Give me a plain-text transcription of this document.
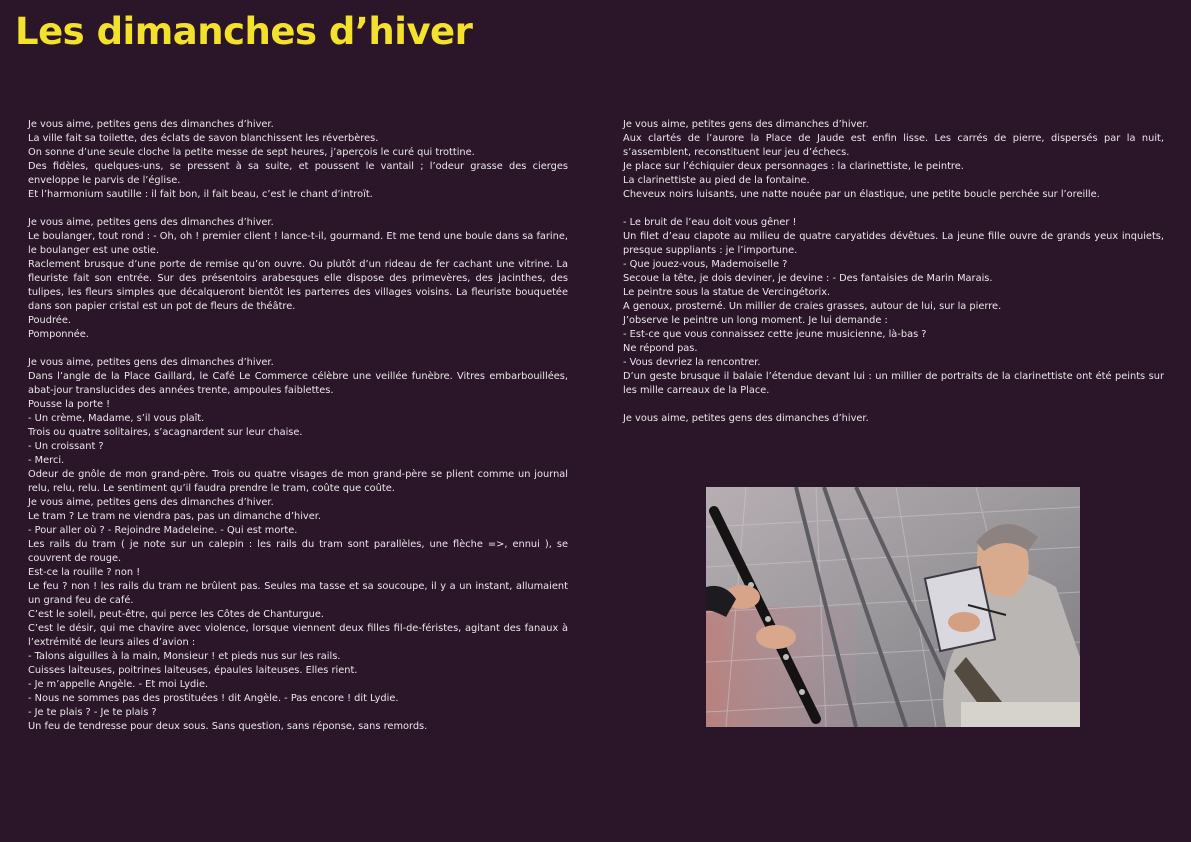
Les dimanches d’hiver

Je vous aime, petites gens des dimanches d’hiver.

La ville fait sa toilette, des éclats de savon blanchissent les réverbères.

On sonne d’une seule cloche la petite messe de sept heures, j’aperçois le curé qui trottine.

Des fidèles, quelques-uns, se pressent à sa suite, et poussent le vantail ; l’odeur grasse des cierges enveloppe le parvis de l’église.

Et l’harmonium sautille : il fait bon, il fait beau, c’est le chant d’introït.

Je vous aime, petites gens des dimanches d’hiver.

Le boulanger, tout rond : - Oh, oh ! premier client ! lance-t-il, gourmand. Et me tend une boule dans sa farine, le boulanger est une ostie.

Raclement brusque d’une porte de remise qu’on ouvre. Ou plutôt d’un rideau de fer cachant une vitrine. La fleuriste fait son entrée. Sur des présentoirs arabesques elle dispose des primevères, des jacinthes, des tulipes, les fleurs simples que décalqueront bientôt les parterres des villages voisins. La fleuriste bouquetée dans son papier cristal est un pot de fleurs de théâtre.

Poudrée.

Pomponnée.

Je vous aime, petites gens des dimanches d’hiver.

Dans l’angle de la Place Gaillard, le Café Le Commerce célèbre une veillée funèbre. Vitres embarbouillées, abat-jour translucides des années trente, ampoules faiblettes.

Pousse la porte !

- Un crème, Madame, s’il vous plaît.

Trois ou quatre solitaires, s’acagnardent sur leur chaise.

- Un croissant ?

- Merci.

Odeur de gnôle de mon grand-père. Trois ou quatre visages de mon grand-père se plient comme un journal relu, relu, relu. Le sentiment qu’il faudra prendre le tram, coûte que coûte.

Je vous aime, petites gens des dimanches d’hiver.

Le tram ? Le tram ne viendra pas, pas un dimanche d’hiver.

- Pour aller où ? - Rejoindre Madeleine. - Qui est morte.

Les rails du tram ( je note sur un calepin : les rails du tram sont parallèles, une flèche =>, ennui ), se couvrent de rouge.

Est-ce la rouille ? non !

Le feu ? non ! les rails du tram ne brûlent pas. Seules ma tasse et sa soucoupe, il y a un instant, allumaient un grand feu de café.

C’est le soleil, peut-être, qui perce les Côtes de Chanturgue.

C’est le désir, qui me chavire avec violence, lorsque viennent deux filles fil-de-féristes, agitant des fanaux à l’extrémité de leurs ailes d’avion :

- Talons aiguilles à la main, Monsieur ! et pieds nus sur les rails.

Cuisses laiteuses, poitrines laiteuses, épaules laiteuses. Elles rient.

- Je m’appelle Angèle. - Et moi Lydie.

- Nous ne sommes pas des prostituées ! dit Angèle. - Pas encore ! dit Lydie.

- Je te plais ? - Je te plais ?

Un feu de tendresse pour deux sous. Sans question, sans réponse, sans remords.

Je vous aime, petites gens des dimanches d’hiver.

Aux clartés de l’aurore la Place de Jaude est enfin lisse. Les carrés de pierre, dispersés par la nuit, s’assemblent, reconstituent leur jeu d’échecs.

Je place sur l’échiquier deux personnages : la clarinettiste, le peintre.

La clarinettiste au pied de la fontaine.

Cheveux noirs luisants, une natte nouée par un élastique, une petite boucle perchée sur l’oreille.

- Le bruit de l’eau doit vous gêner !

Un filet d’eau clapote au milieu de quatre caryatides dévêtues. La jeune fille ouvre de grands yeux inquiets, presque suppliants : je l’importune.

- Que jouez-vous, Mademoiselle ?

Secoue la tête, je dois deviner, je devine : - Des fantaisies de Marin Marais.

Le peintre sous la statue de Vercingétorix.

A genoux, prosterné. Un millier de craies grasses, autour de lui, sur la pierre.

J’observe le peintre un long moment. Je lui demande :

- Est-ce que vous connaissez cette jeune musicienne, là-bas ?

Ne répond pas.

- Vous devriez la rencontrer.

D’un geste brusque il balaie l’étendue devant lui : un millier de portraits de la clarinettiste ont été peints sur les mille carreaux de la Place.

Je vous aime, petites gens des dimanches d’hiver.
